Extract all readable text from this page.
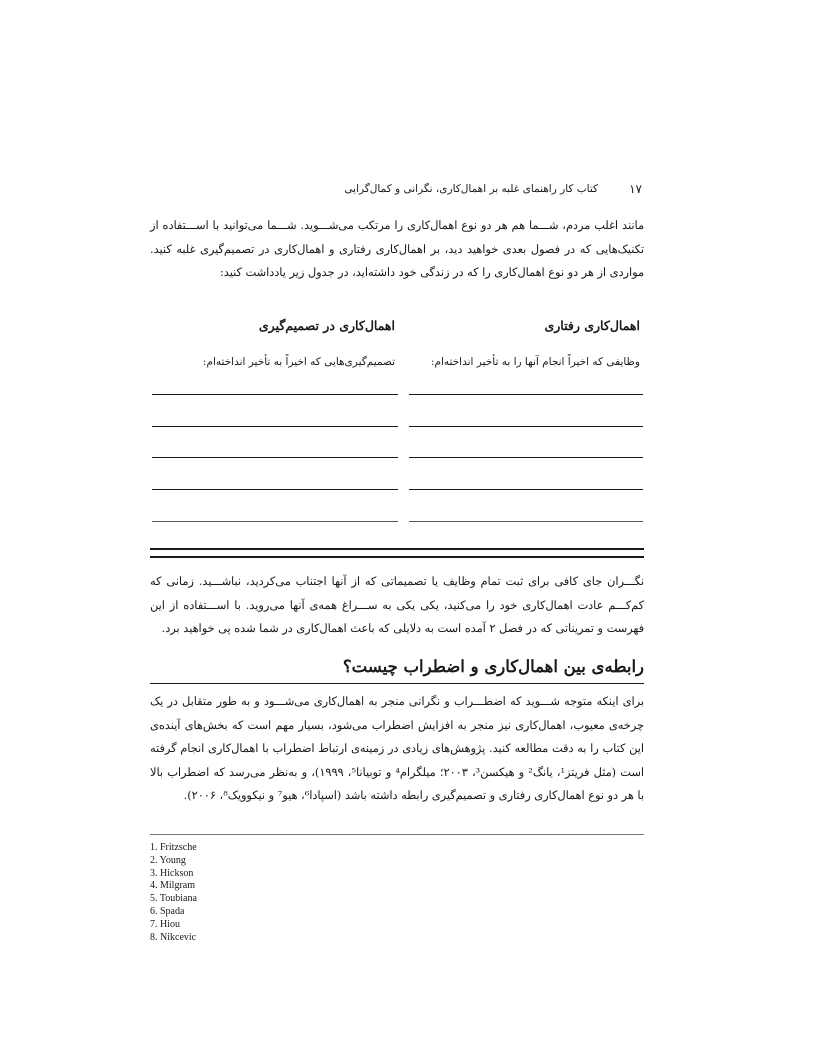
۱۷
کتاب کار راهنمای غلبه بر اهمال‌کاری، نگرانی و کمال‌گرایی

مانند اغلب مردم، شـــما هم هر دو نوع اهمال‌کاری را مرتکب می‌شـــوید. شـــما می‌توانید با اســـتفاده از تکنیک‌هایی که در فصول بعدی خواهید دید، بر اهمال‌کاری رفتاری و اهمال‌کاری در تصمیم‌گیری غلبه کنید. مواردی از هر دو نوع اهمال‌کاری را که در زندگی خود داشته‌اید، در جدول زیر یادداشت کنید:

اهمال‌کاری رفتاری
اهمال‌کاری در تصمیم‌گیری
وظایفی که اخیراً انجام آنها را به تأخیر انداخته‌ام:
تصمیم‌گیری‌هایی که اخیراً به تأخیر انداخته‌ام:

نگـــران جای کافی برای ثبت تمام وظایف یا تصمیماتی که از آنها اجتناب می‌کردید، نباشـــید. زمانی که کم‌کـــم عادت اهمال‌کاری خود را می‌کنید، یکی یکی به ســـراغ همه‌ی آنها می‌روید. با اســـتفاده از این فهرست و تمریناتی که در فصل ۲ آمده است به دلایلی که باعث اهمال‌کاری در شما شده پی خواهید برد.

رابطه‌ی بین اهمال‌کاری و اضطراب چیست؟

برای اینکه متوجه شـــوید که اضطـــراب و نگرانی منجر به اهمال‌کاری می‌شـــود و به طور متقابل در یک چرخه‌ی معیوب، اهمال‌کاری نیز منجر به افزایش اضطراب می‌شود، بسیار مهم است که بخش‌های آینده‌ی این کتاب را به دقت مطالعه کنید. پژوهش‌های زیادی در زمینه‌ی ارتباط اضطراب با اهمال‌کاری انجام گرفته است (مثل فریتز¹، یانگ² و هیکسن³، ۲۰۰۳؛ میلگرام⁴ و توبیانا⁵، ۱۹۹۹)، و به‌نظر می‌رسد که اضطراب بالا با هر دو نوع اهمال‌کاری رفتاری و تصمیم‌گیری رابطه داشته باشد (اسپادا⁶، هیو⁷ و نیکوویک⁸، ۲۰۰۶).

1. Fritzsche
2. Young
3. Hickson
4. Milgram
5. Toubiana
6. Spada
7. Hiou
8. Nikcevic
